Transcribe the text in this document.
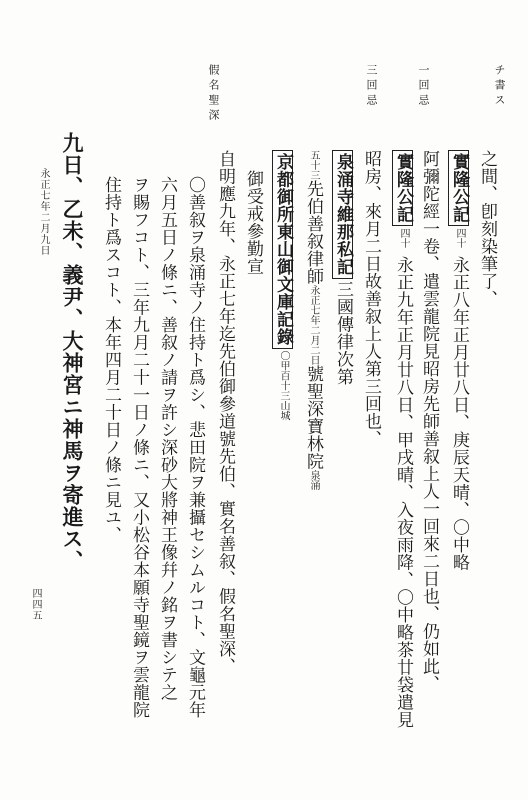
チ書ス
一回忌
三回忌
假名聖深
之間、卽刻染筆了、
實隆公記四十永正八年正月廿八日、庚辰天晴、〇中略
阿彌陀經一卷、遣雲龍院見昭房先師善叙上人一回來二日也、仍如此、
實隆公記四十永正九年正月廿八日、甲戌晴、入夜雨降、〇中略茶廿袋遣見
昭房、來月二日故善叙上人第三回也、
泉涌寺維那私記三國傳律次第
五十三先伯善叙律師永正七年二月二日號聖深寶林院泉涌
京都御所東山御文庫記錄〇甲百十三山城
御受戒參勤宣
自明應九年、永正七年迄先伯御參道號先伯、實名善叙、假名聖深、
〇善叙ヲ泉涌寺ノ住持ト爲シ、悲田院ヲ兼攝セシムルコト、文龜元年
六月五日ノ條ニ、善叙ノ請ヲ許シ深砂大將神王像幷ノ銘ヲ書シテ之
ヲ賜フコト、三年九月二十一日ノ條ニ、又小松谷本願寺聖鏡ヲ雲龍院
住持ト爲スコト、本年四月二十日ノ條ニ見ユ、
九日、乙未、義尹、大神宮ニ神馬ヲ寄進ス、
永正七年二月九日
四四五
